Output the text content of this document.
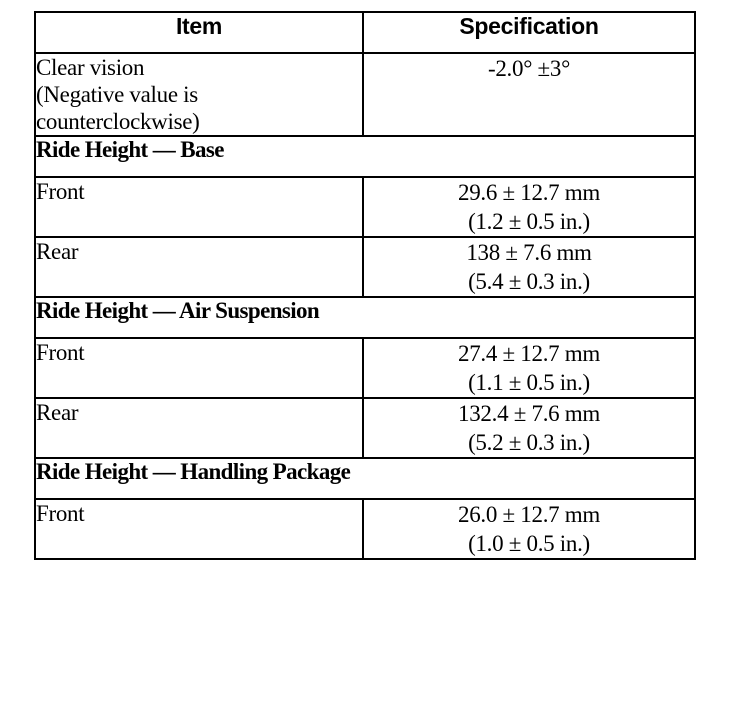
Item	Specification
Clear vision
(Negative value is
counterclockwise)	-2.0° ±3°
Ride Height — Base	
Front	29.6 ± 12.7 mm
(1.2 ± 0.5 in.)

Rear	138 ± 7.6 mm
(5.4 ± 0.3 in.)

Ride Height — Air Suspension	
Front	27.4 ± 12.7 mm
(1.1 ± 0.5 in.)

Rear	132.4 ± 7.6 mm
(5.2 ± 0.3 in.)

Ride Height — Handling Package	
Front	26.0 ± 12.7 mm
(1.0 ± 0.5 in.)
